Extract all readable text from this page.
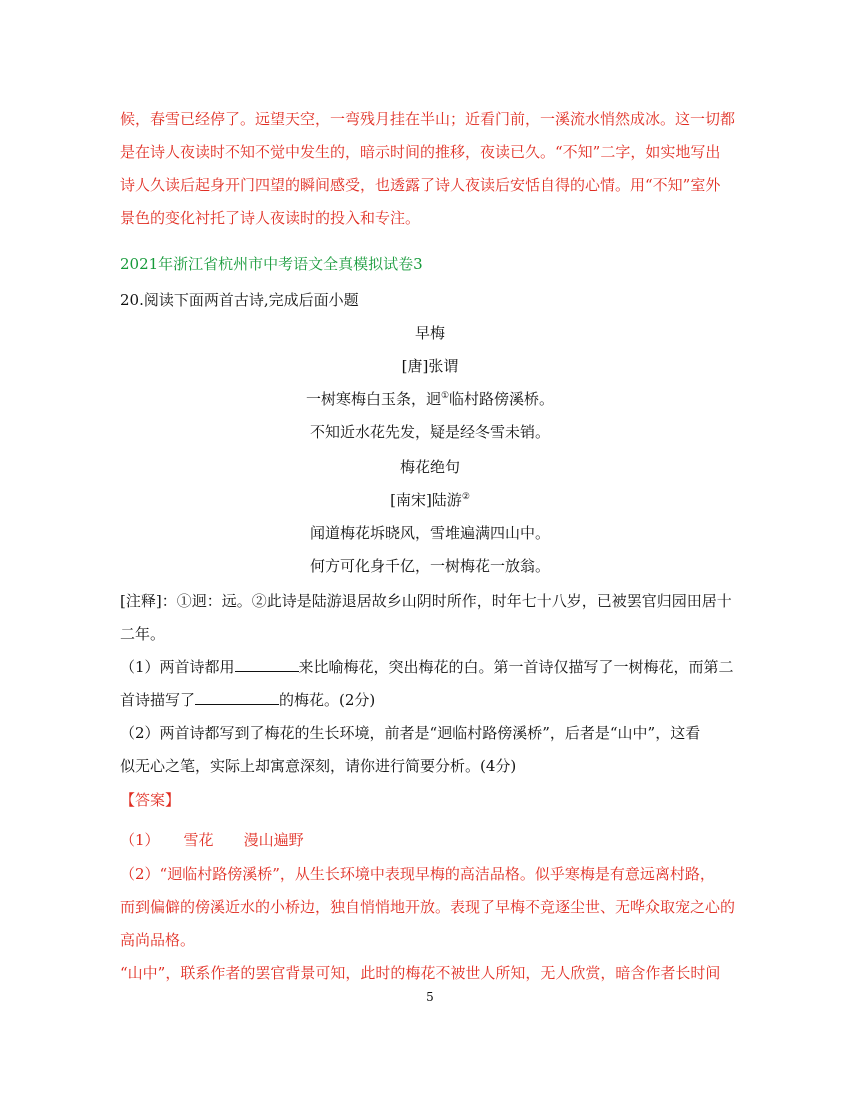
候，春雪已经停了。远望天空，一弯残月挂在半山；近看门前，一溪流水悄然成冰。这一切都
是在诗人夜读时不知不觉中发生的，暗示时间的推移，夜读已久。“不知”二字，如实地写出
诗人久读后起身开门四望的瞬间感受，也透露了诗人夜读后安恬自得的心情。用“不知”室外
景色的变化衬托了诗人夜读时的投入和专注。
2021年浙江省杭州市中考语文全真模拟试卷3
20.阅读下面两首古诗,完成后面小题
早梅
[唐]张谓
一树寒梅白玉条，迥①临村路傍溪桥。
不知近水花先发，疑是经冬雪未销。
梅花绝句
[南宋]陆游②
闻道梅花坼晓风，雪堆遍满四山中。
何方可化身千亿，一树梅花一放翁。
[注释]：①迥：远。②此诗是陆游退居故乡山阴时所作，时年七十八岁，已被罢官归园田居十
二年。
（1）两首诗都用	来比喻梅花，突出梅花的白。第一首诗仅描写了一树梅花，而第二
首诗描写了	的梅花。(2分)
（2）两首诗都写到了梅花的生长环境，前者是“迥临村路傍溪桥”，后者是“山中”，这看
似无心之笔，实际上却寓意深刻，请你进行简要分析。(4分)
【答案】
（1） 雪花 漫山遍野
（2）“迥临村路傍溪桥”，从生长环境中表现早梅的高洁品格。似乎寒梅是有意远离村路，
而到偏僻的傍溪近水的小桥边，独自悄悄地开放。表现了早梅不竞逐尘世、无哗众取宠之心的
高尚品格。
“山中”，联系作者的罢官背景可知，此时的梅花不被世人所知，无人欣赏，暗含作者长时间
5
